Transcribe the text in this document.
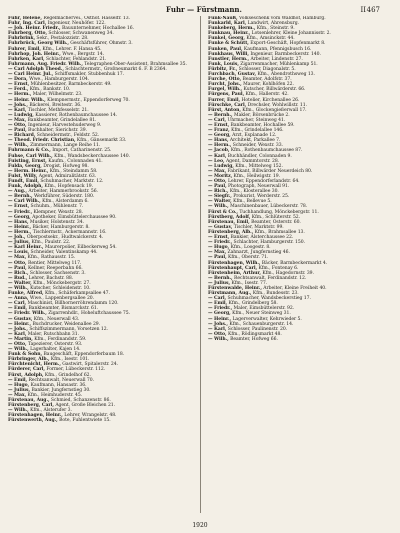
Fuhr — Fürstmann.	II 467

Fuhr, Helene, Regelmachervei., Osthof. Hasselfr. 13.

Fuhr, Ing. Carl, Ingenieur, Neuhöfer. 122.

— Joh. Heinr. Friedr., Bauunternehmer, Hochallee 16.

Fuhrberg, Otto, Schlosser, Schwanenweg 34.

Fuhrbrink, Sekr., Pestalozzistr. 28.

Fuhrbrück, Georg Wilh., Geschäftsführer, Ohmstr. 3.

Fuhrer, Emil, Kfm., Lehrer. F. Hansa 45.

Fuhrhop, Joh. Heinr., Wwe., Bergstr. 14.

Fuhrken, Karl, Schlachter, Fehlandstr. 21.

Fuhrmann, Aug. Friedr. Wilh., Telegraphen-Ober-Assistent, Brahmsallee 35.

— Carl Adolph Theod., Schlachtermstr., Großneumarkt 6. F. B 2364.

— Carl Heinr. Jul., Schiffsmakler, Stubbenhuk 17.

— Dora, Wwe., Hamburgerstr. 104.

— Ernst, Mühlenbesitzer, Barmbeckerstr. 49.

— Ferd., Kfm., Bankstr. 10.

— Herm., Maler, Wilhelmstr. 23.

— Heinr. Wilh., Klempnermstr., Eppendorferweg 70.

— Johs., Bäckerei, Breitestr. 36.

— Karl, Tischler, Methfesselstr. 21.

— Ludwig, Kassierer, Rothenbaumchaussee 14.

— Max, Bankbeamter, Grindelallee 81.

— Otto, Ingenieur, Harvestehuderweg 9.

— Paul, Buchhalter, Sierichstr. 39.

— Richard, Schneidermstr., Feldstr. 52.

— Theod. Friedr. Christian, Kfm., Gänsemarkt 33.

— Wilh., Zimmermann, Lange Reihe 11.

Fuhrmann & Co., Import, Catharinenstr. 25.

Fuhse, Carl Wilh., Kfm., Wandsbeckerchaussee 140.

Fuisting, Ernst, Kaufm., Colonnaden 41.

Fulda, Georg, Drogist, Hofweg 98.

— Herm. Heinr., Kfm., Steindamm 58.

Fulst, Willy, Agent, Admiralitätstr. 63.

Fundt, Emil, Schuhmacher, Marktstr. 12.

Funk, Adolph, Kfm., Hopfensack 19.

— Aug., Arbeiter, Hammerbrookstr. 56.

— Bernh., Werkführer, Süderstr. 180.

— Carl Wilh., Kfm., Alsterdamm 6.

— Ernst, Schuhm., Mühlenstr. 7.

— Friedr., Klempner, Wexstr. 28.

— Georg, Apotheker, Eimsbüttelerchaussee 90.

— Hans, Musiker, Holstenstr. 34.

— Heinr., Bäcker, Hamburgerstr. 8.

— Herm., Tischlermstr., Ackermannstr. 16.

— Joh., Oberpostsekr., Hudtwalckerstr. 4.

— Julius, Kfm., Paulstr. 22.

— Karl Heinr., Maurerpolier, Eilbeckerweg 54.

— Louis, Schneider, Valentinskamp 44.

— Max, Kfm., Rathausstr. 15.

— Otto, Rentier, Mittelweg 117.

— Paul, Kellner, Reeperbahn 66.

— Rich., Schlosser, Sachsenstr. 3.

— Rud., Lehrer, Bachstr. 88.

— Walter, Kfm., Mönckebergstr. 27.

— Wilh., Kutscher, Schleidenstr. 10.

Funke, Alfred, Kfm., Schäferkampsallee 47.

— Anna, Wwe., Lappenbergsallee 20.

— Carl, Maschinist, Billhornerröhrendamm 120.

— Emil, Bankbeamter, Bismarckstr. 61.

— Friedr. Wilh., Zigarrenhdlr., Hoheluftchaussee 75.

— Gustav, Kfm., Neuerwall 43.

— Heinr., Buchdrucker, Weidenallee 29.

— Johs., Schiffszimmermann, Vorsetzen 12.

— Karl, Maler, Rutschbahn 31.

— Martin, Kfm., Ferdinandstr. 59.

— Otto, Tapezierer, Osterstr. 93.

— Wilh., Lagerhalter, Kajen 14.

Funk & Sohn, Baugeschäft, Eppendorferbaum 18.

Fürbringer, Alb., Kfm., Isestr. 101.

Fürchtenicht, Herm., Gastwirt, Spitalerstr. 24.

Fürderer, Carl, Former, Lübeckerstr. 112.

Fürst, Adolph, Kfm., Grindelhof 62.

— Emil, Rechtsanwalt, Neuerwall 70.

— Hugo, Kaufmann, Hansastr. 36.

— Julius, Bankier, Jungfernstieg 30.

— Max, Kfm., Heimhuderstr. 45.

Fürstenau, Aug., Schmied, Schanzenstr. 86.

Fürstenberg, Carl, Agent, Große Bleichen 21.

— Wilh., Kfm., Alsterufer 3.

Fürstenhagen, Heinr., Lehrer, Wrangelstr. 48.

Fürstenwerth, Aug., Bote, Fuhlentwiete 15.

Funk-Nauß, Volkseschenk vom Waldhof, Hamburg.

Funkarld, Karl, Landwirt, Ahrensburg.

Funkeberg, Herm., Kfm., Steinstr. 9.

Funknau, Heinr., Lotsenlehrer, Kleine Johannisstr. 2.

Funkel, Georg, Kfm., Amsinckstr. 44.

Funke & Schütt, Export-Geschäft, Hopfenmarkt 8.

Funken, Paul, Kaufmann, Pfennigsbusch 16.

Funkhaus, Willi, Ingenieur, Barmbeckerstr. 140.

Funstler, Herm., Arbeiter, Lindenstr. 27.

Funk, Louis, Zigarrenmacher, Mühlenkamp 51.

Fürbitz, Fr., Schlosser, Diagonalstr. 5.

Furchbach, Gustav, Kfm., Abendrothsweg 13.

Furche, Otto, Beamter, Adolfstr. 37.

Furcht, Johs., Maurer, Kohlhöfen 22.

Furgel, Wilh., Kutscher, Billwärderstr. 66.

Fürgens, Paul, Kfm., Hallerstr. 42.

Furrer, Emil, Hotelier, Kirchenallee 26.

Fürschke, Carl, Drechsler, Wohlwillstr. 11.

Fürst, Anton, Kfm., Glockengießerwall 17.

— Bernh., Makler, Börsenbrücke 2.

— Carl, Uhrmacher, Steinweg 41.

— Ernst, Bankbeamter, Hochallee 59.

— Franz, Kfm., Grindelallee 146.

— Georg, Arzt, Esplanade 12.

— Hans, Architekt, Parkallee 7.

— Herm., Schneider, Wexstr. 33.

— Jacob, Kfm., Rothenbaumchaussee 87.

— Karl, Buchhändler, Colonnaden 9.

— Leo, Agent, Dammtorstr. 28.

— Ludwig, Kfm., Mittelweg 152.

— Max, Fabrikant, Billwärder Neuerdeich 80.

— Moritz, Kfm., Heilwigstr. 19.

— Otto, Lehrer, Eppendorferlandstr. 64.

— Paul, Photograph, Neuerwall 91.

— Rich., Kfm., Klosterallee 30.

— Siegfr., Prokurist, Werderstr. 25.

— Walter, Kfm., Bellevue 5.

— Wilh., Maschinenbauer, Lübeckerstr. 78.

Fürst & Co., Tuchhandlung, Mönckebergstr. 11.

Fürstberg, Adolf, Kfm., Schlüterstr. 52.

Fürstenau, Emil, Beamter, Osterstr. 60.

— Gustav, Tischler, Marktstr. 99.

Fürstenberg, Alb., Kfm., Brahmsallee 13.

— Ernst, Bankier, Alsterchaussee 22.

— Friedr., Schlachter, Hamburgerstr. 150.

— Hugo, Kfm., Loogestr. 8.

— Max, Zahnarzt, Jungfernstieg 46.

— Paul, Kfm., Oberstr. 71.

Fürstenhagen, Wilh., Bäcker, Barmbeckermarkt 4.

Fürstenhaupt, Carl, Kfm., Fontenay 6.

Fürstenheim, Arthur, Kfm., Hagedornstr. 39.

— Bernh., Rechtsanwalt, Ferdinandstr. 12.

— Julius, Kfm., Isestr. 77.

Fürstenwalde, Heinr., Arbeiter, Kleine Freiheit 40.

Fürstmann, Aug., Kfm., Bundesstr. 23.

— Carl, Schuhmacher, Wandsbeckerstieg 17.

— Emil, Kfm., Grindelberg 58.

— Friedr., Maler, Eimsbüttelerstr. 92.

— Georg, Kfm., Neuer Steinweg 31.

— Heinr., Lagerverwalter, Kehrwieder 5.

— Johs., Kfm., Schauenburgerstr. 14.

— Karl, Schlosser, Paulinenstr. 20.

— Otto, Kfm., Rödingsmarkt 48.

— Wilh., Beamter, Hofweg 66.

1920
